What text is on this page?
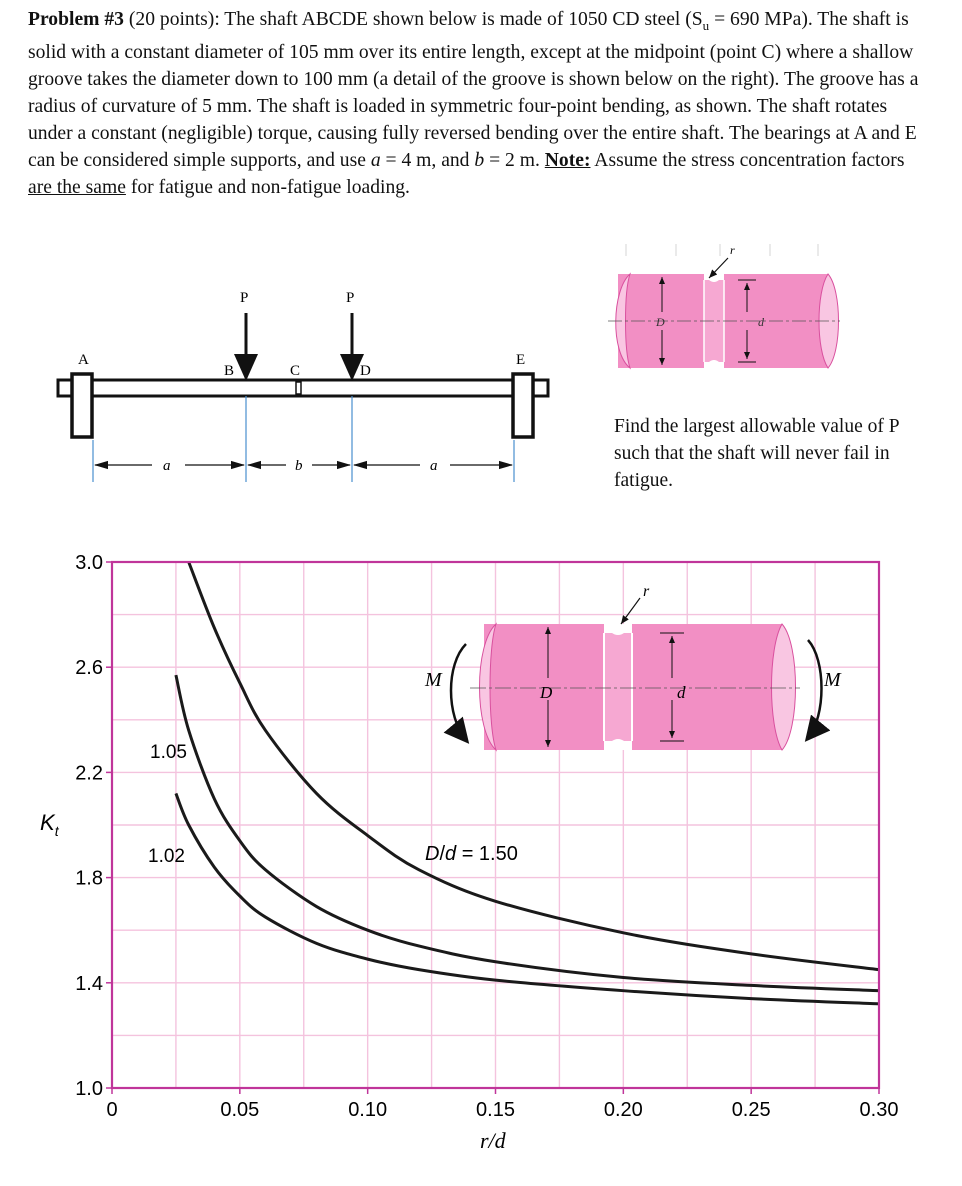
Problem #3 (20 points): The shaft ABCDE shown below is made of 1050 CD steel ($S_u = 690$ MPa). The shaft is solid with a constant diameter of 105 mm over its entire length, except at the midpoint (point C) where a shallow groove takes the diameter down to 100 mm (a detail of the groove is shown below on the right). The groove has a radius of curvature of 5 mm. The shaft is loaded in symmetric four-point bending, as shown. The shaft rotates under a constant (negligible) torque, causing fully reversed bending over the entire shaft. The bearings at A and E can be considered simple supports, and use a = 4 m, and b = 2 m. Note: Assume the stress concentration factors are the same for fatigue and non-fatigue loading.
P	P
A
B	C	D
E
a	b	a
D	d
r
Find the largest allowable value of P such that the shaft will never fail in fatigue.
M	M
D	d
r
1.05
1.02	D/d = 1.50
0	0.05	0.10	0.15	0.20	0.25	0.30
1.0
1.4
1.8
2.2
2.6
3.0
$K_t$
r/d
